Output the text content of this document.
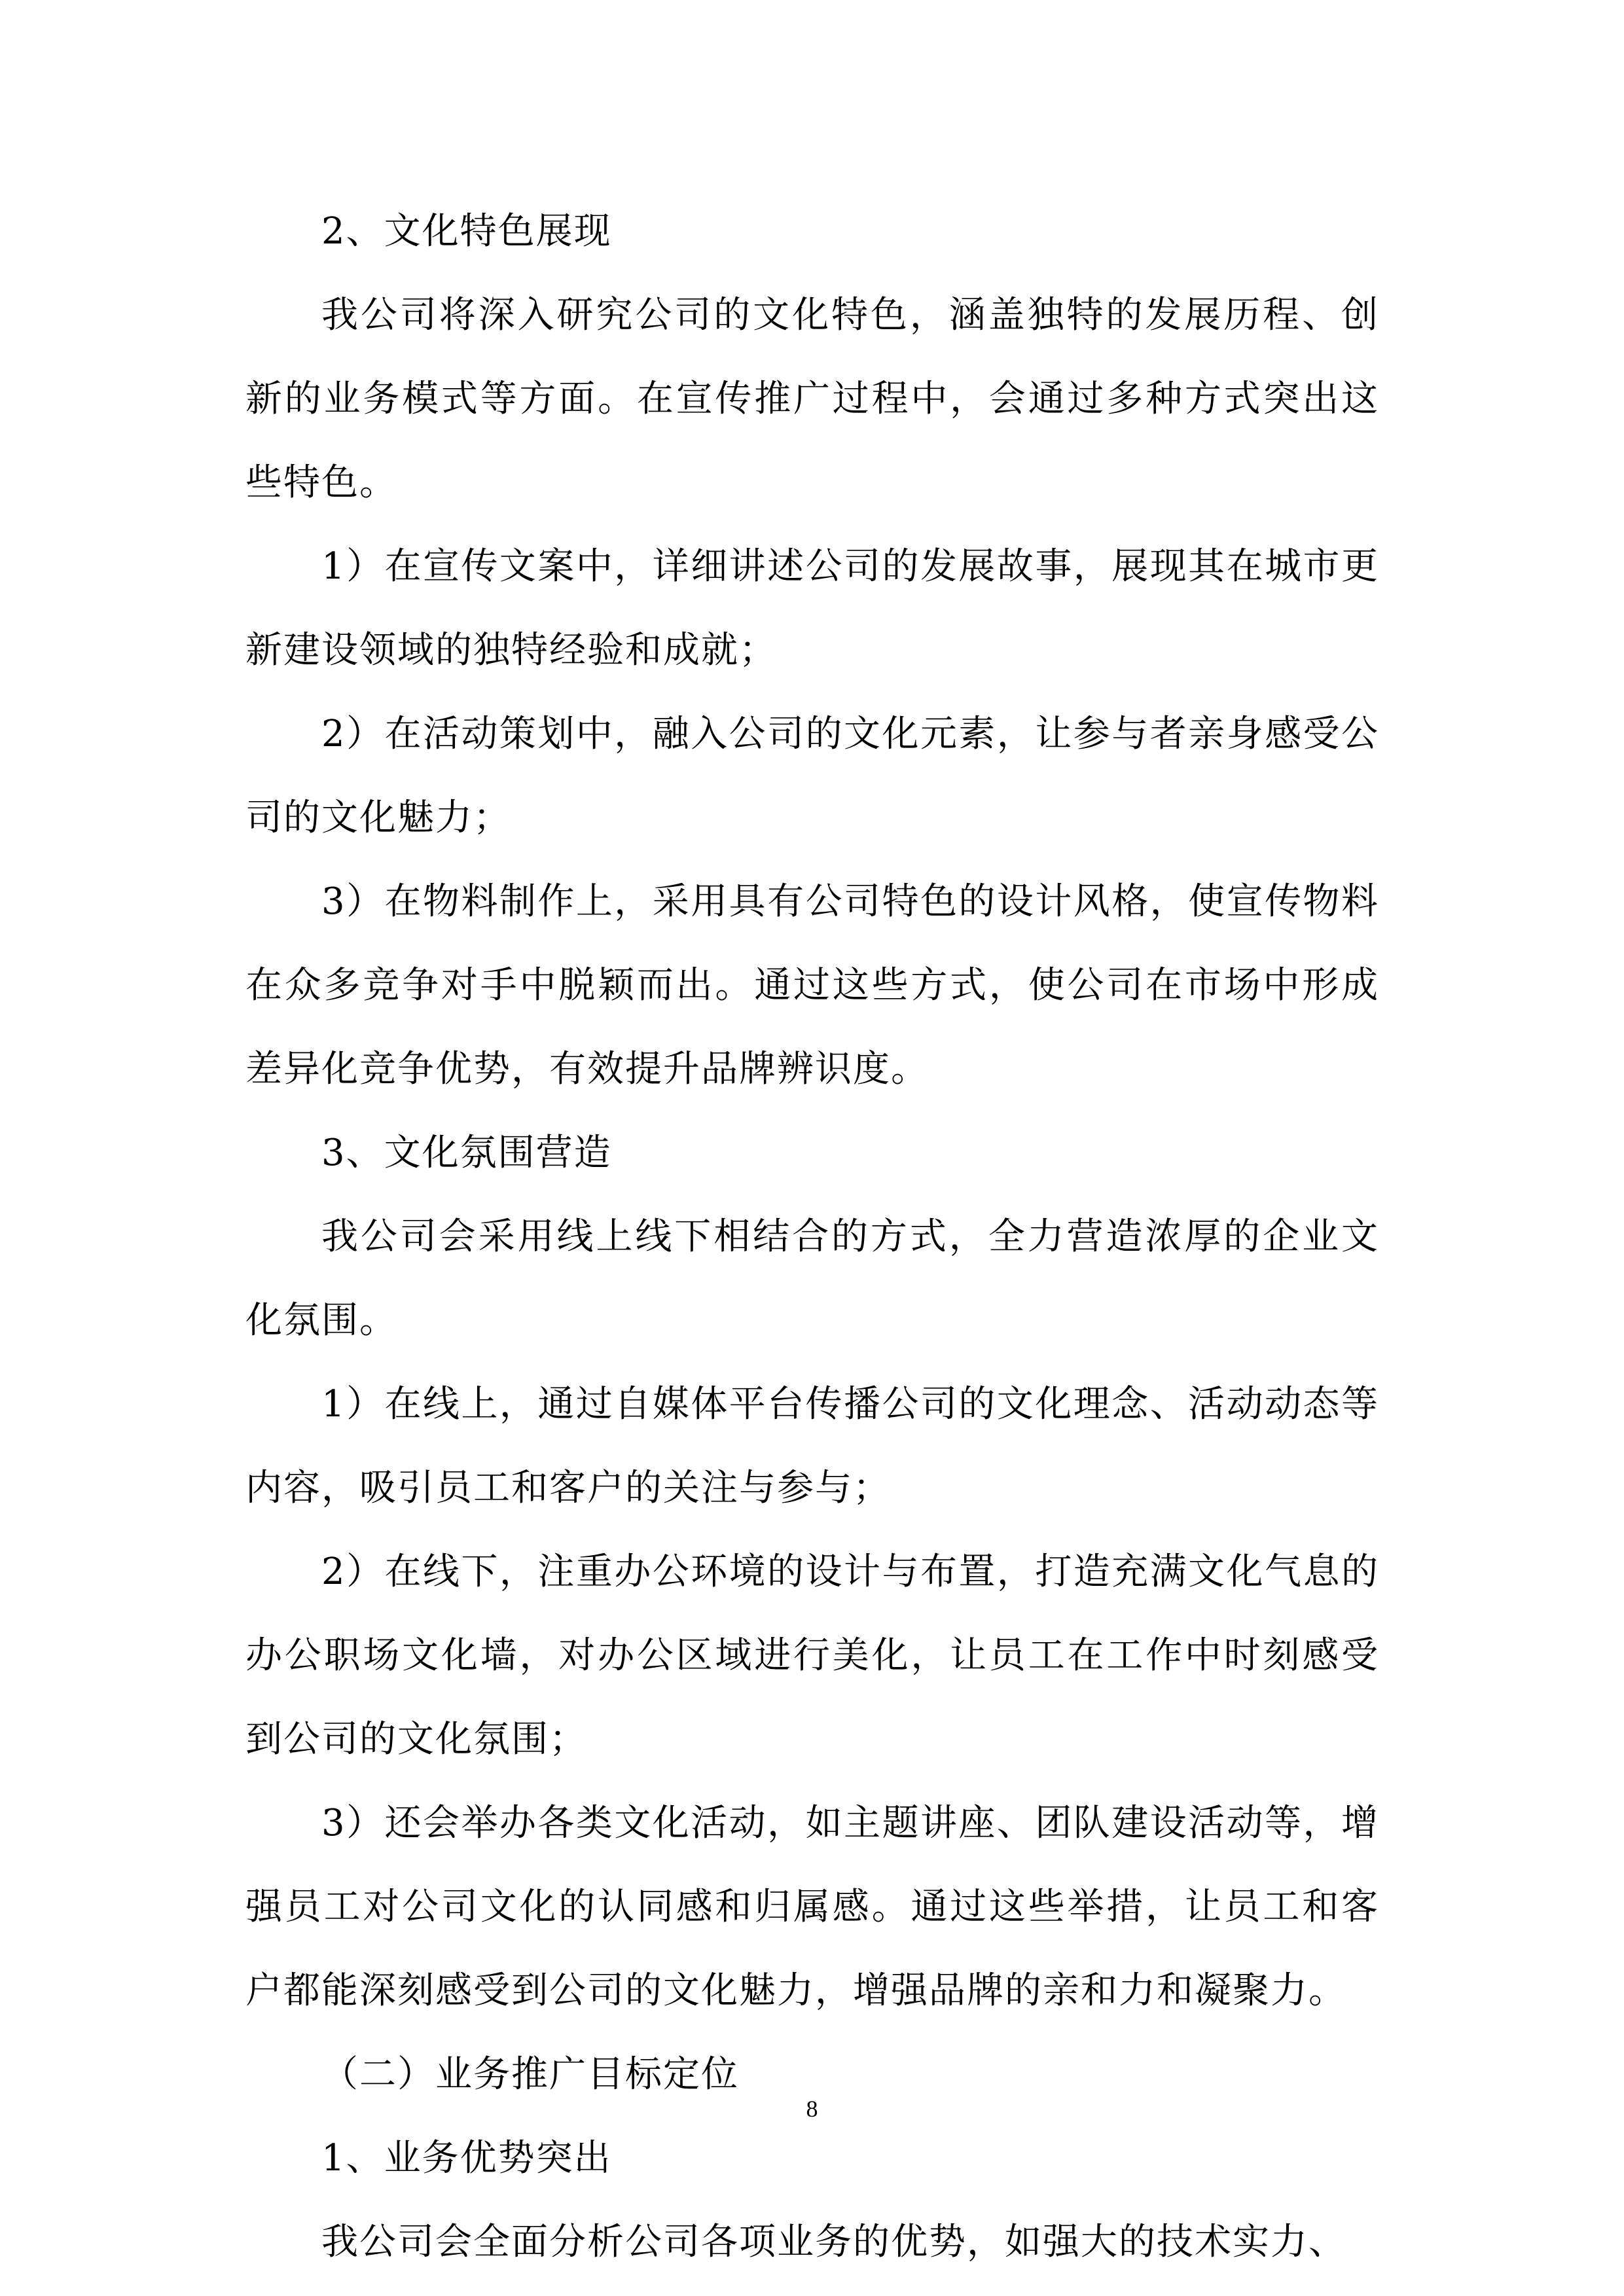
2、文化特色展现

我公司将深入研究公司的文化特色，涵盖独特的发展历程、创新的业务模式等方面。在宣传推广过程中，会通过多种方式突出这些特色。

1）在宣传文案中，详细讲述公司的发展故事，展现其在城市更新建设领域的独特经验和成就；

2）在活动策划中，融入公司的文化元素，让参与者亲身感受公司的文化魅力；

3）在物料制作上，采用具有公司特色的设计风格，使宣传物料在众多竞争对手中脱颖而出。通过这些方式，使公司在市场中形成差异化竞争优势，有效提升品牌辨识度。

3、文化氛围营造

我公司会采用线上线下相结合的方式，全力营造浓厚的企业文化氛围。

1）在线上，通过自媒体平台传播公司的文化理念、活动动态等内容，吸引员工和客户的关注与参与；

2）在线下，注重办公环境的设计与布置，打造充满文化气息的办公职场文化墙，对办公区域进行美化，让员工在工作中时刻感受到公司的文化氛围；

3）还会举办各类文化活动，如主题讲座、团队建设活动等，增强员工对公司文化的认同感和归属感。通过这些举措，让员工和客户都能深刻感受到公司的文化魅力，增强品牌的亲和力和凝聚力。

（二）业务推广目标定位

1、业务优势突出

我公司会全面分析公司各项业务的优势，如强大的技术实力、

8
